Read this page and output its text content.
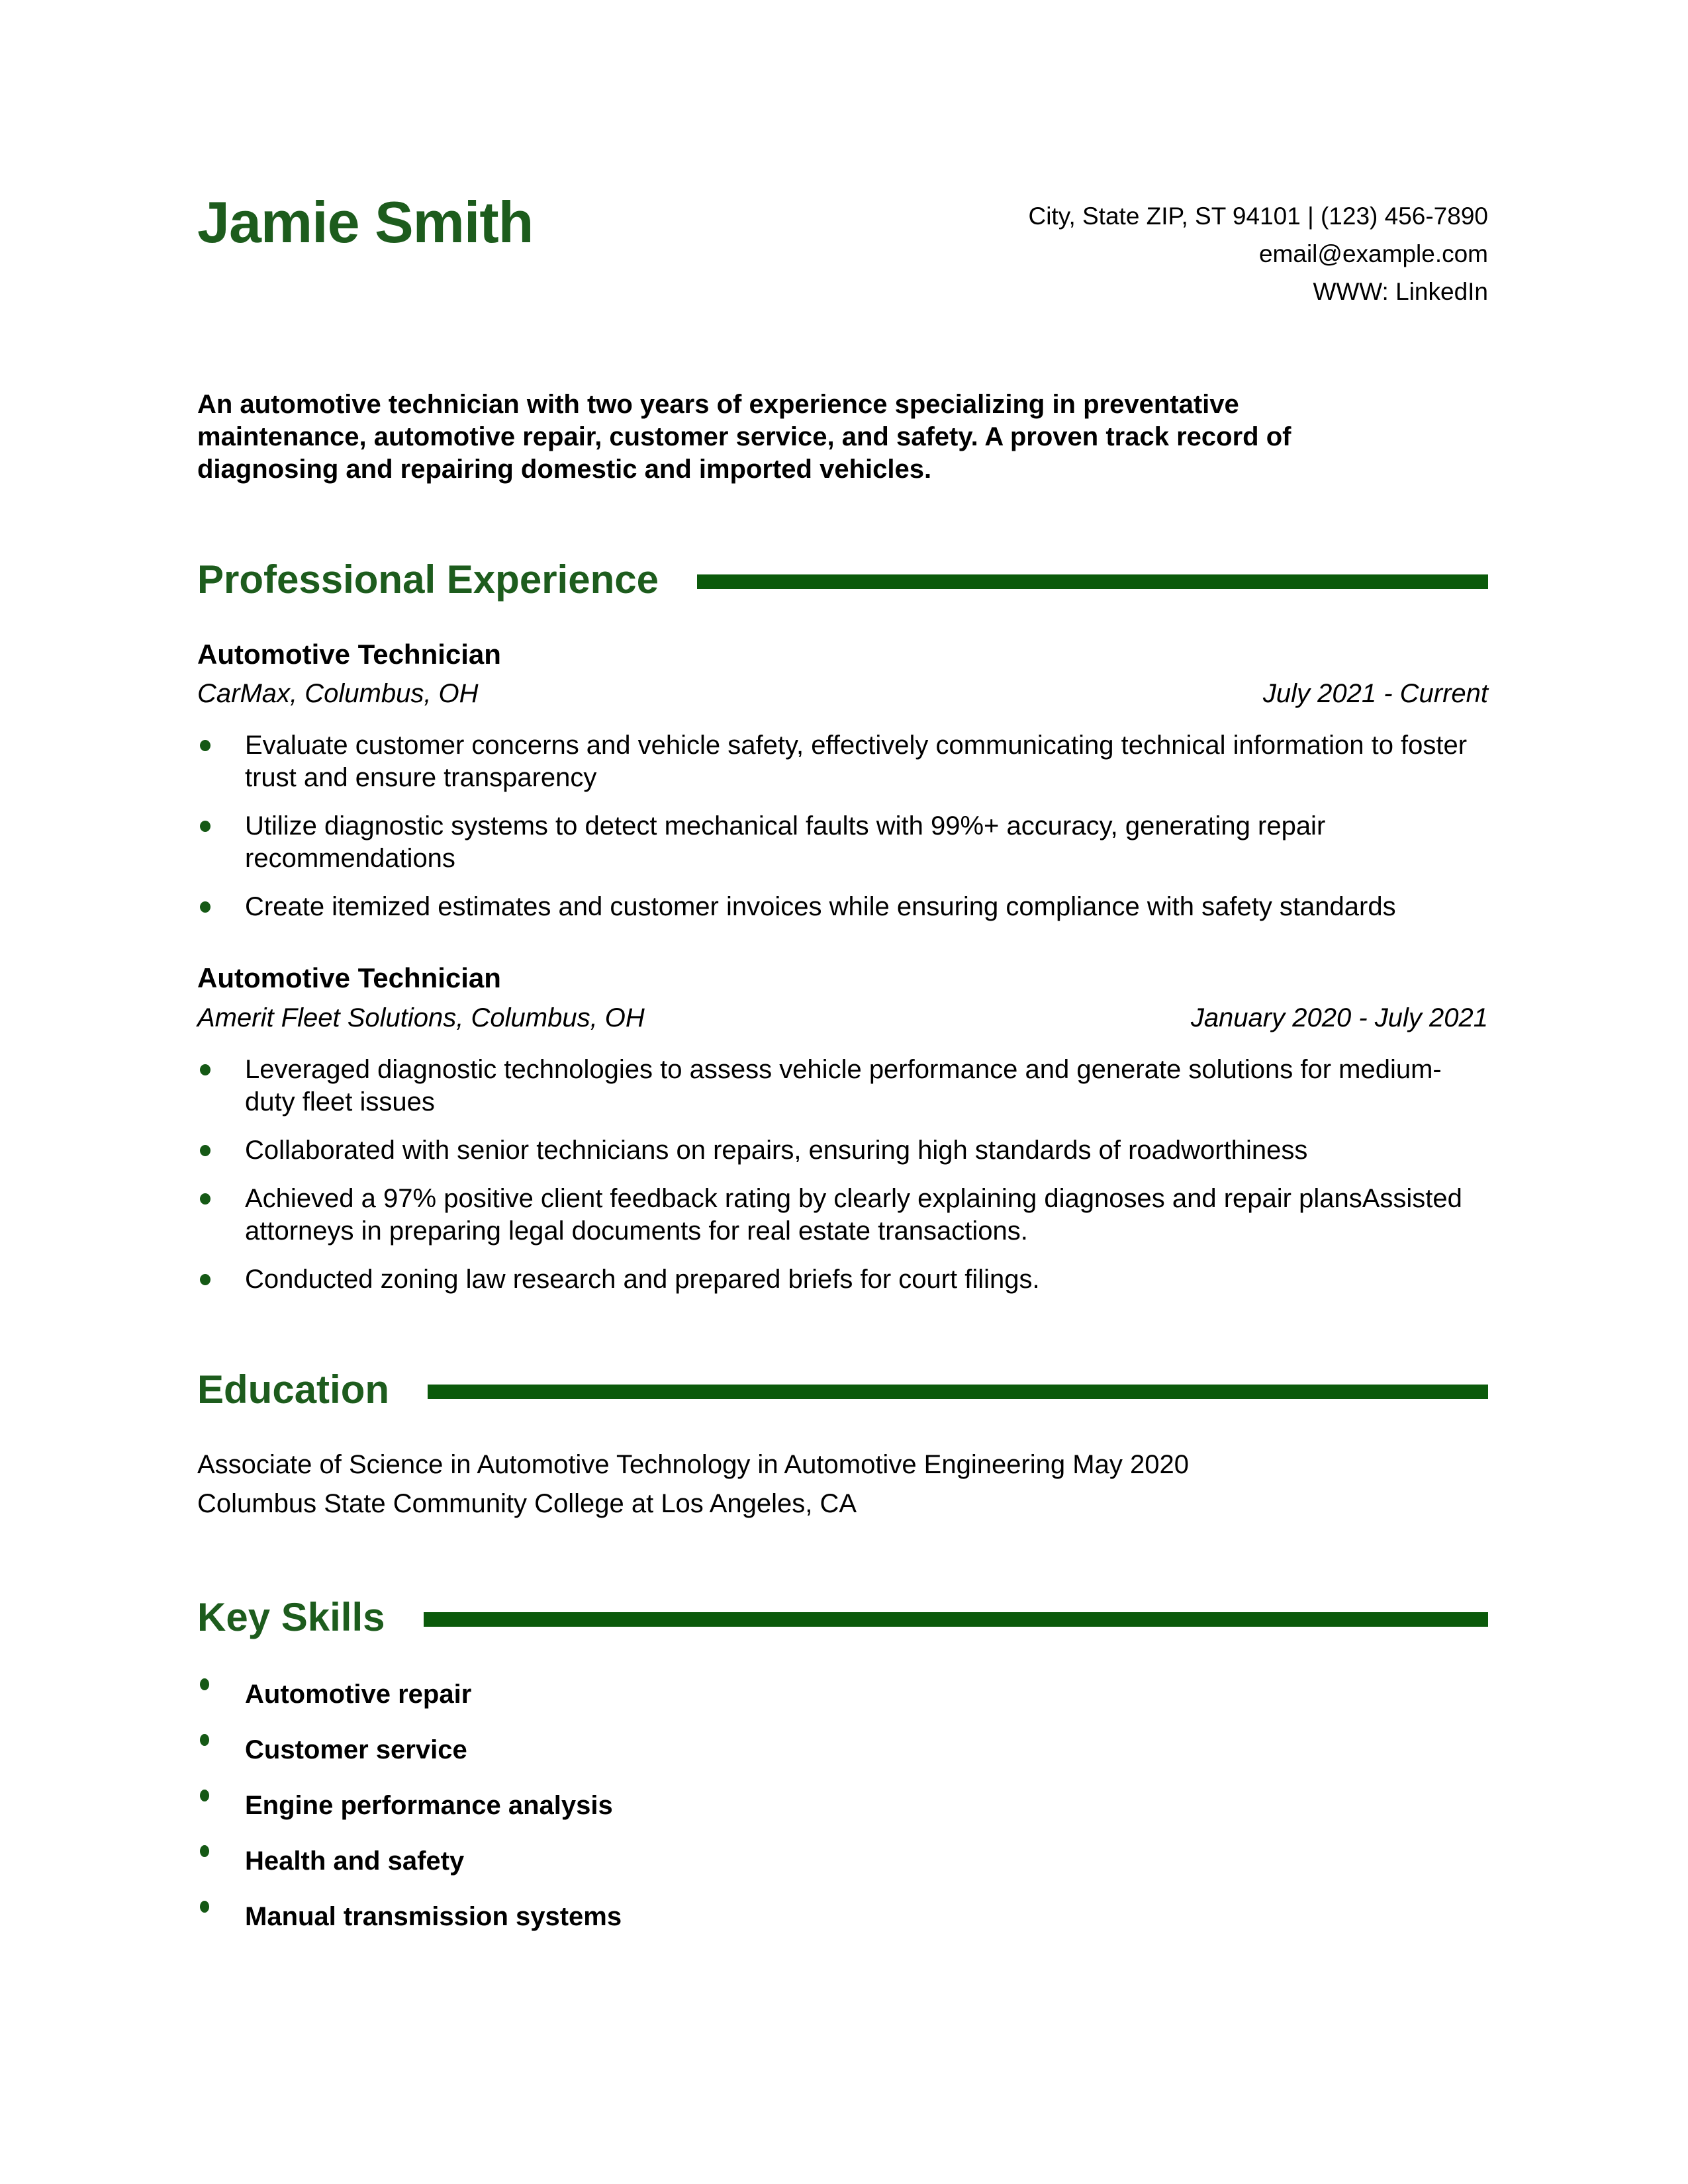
Jamie Smith	City, State ZIP, ST 94101 | (123) 456-7890
email@example.com
WWW: LinkedIn
An automotive technician with two years of experience specializing in preventative maintenance, automotive repair, customer service, and safety. A proven track record of diagnosing and repairing domestic and imported vehicles.
Professional Experience
Automotive Technician
CarMax, Columbus, OH	July 2021 - Current
Evaluate customer concerns and vehicle safety, effectively communicating technical information to foster trust and ensure transparency
Utilize diagnostic systems to detect mechanical faults with 99%+ accuracy, generating repair recommendations
Create itemized estimates and customer invoices while ensuring compliance with safety standards
Automotive Technician
Amerit Fleet Solutions, Columbus, OH	January 2020 - July 2021
Leveraged diagnostic technologies to assess vehicle performance and generate solutions for medium-duty fleet issues
Collaborated with senior technicians on repairs, ensuring high standards of roadworthiness
Achieved a 97% positive client feedback rating by clearly explaining diagnoses and repair plansAssisted attorneys in preparing legal documents for real estate transactions.
Conducted zoning law research and prepared briefs for court filings.
Education
Associate of Science in Automotive Technology in Automotive Engineering May 2020
Columbus State Community College at Los Angeles, CA
Key Skills
Automotive repair
Customer service
Engine performance analysis
Health and safety
Manual transmission systems
